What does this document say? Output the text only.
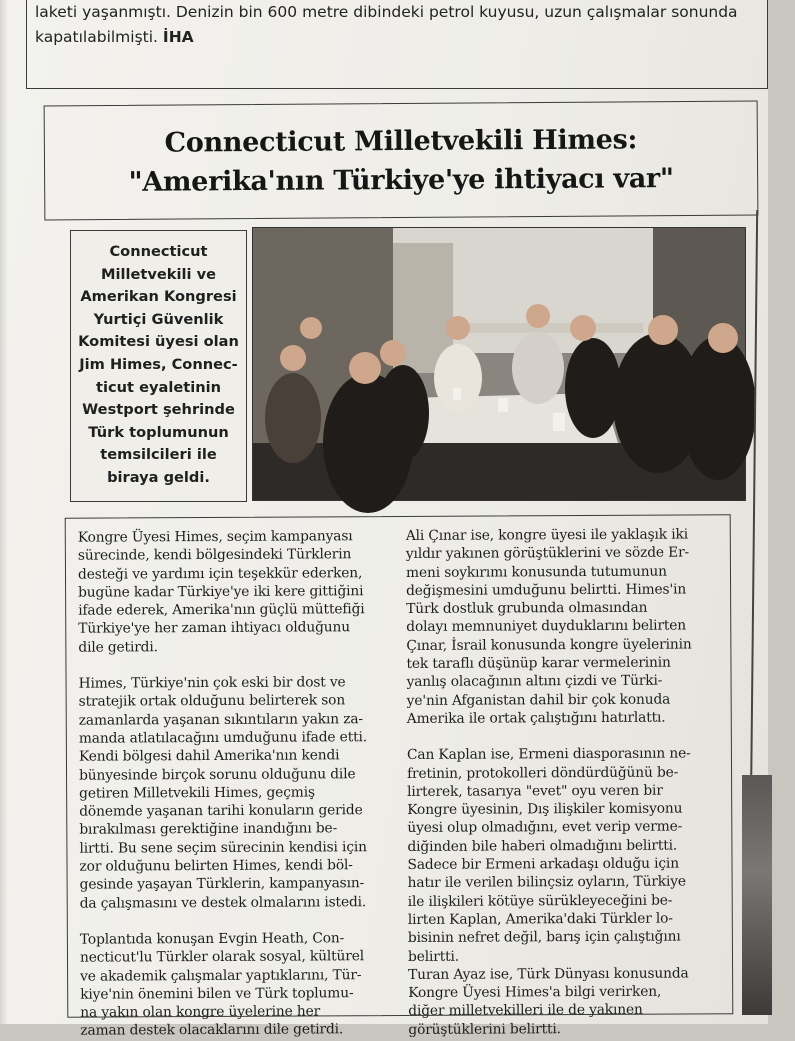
laketi yaşanmıştı. Denizin bin 600 metre dibindeki petrol kuyusu, uzun çalışmalar sonunda
kapatılabilmişti. İHA
Connecticut Milletvekili Himes:
"Amerika'nın Türkiye'ye ihtiyacı var"

Connecticut
Milletvekili ve
Amerikan Kongresi
Yurtiçi Güvenlik
Komitesi üyesi olan
Jim Himes, Connec-
ticut eyaletinin
Westport şehrinde
Türk toplumunun
temsilcileri ile
biraya geldi.

Kongre Üyesi Himes, seçim kampanyası
sürecinde, kendi bölgesindeki Türklerin
desteği ve yardımı için teşekkür ederken,
bugüne kadar Türkiye'ye iki kere gittiğini
ifade ederek, Amerika'nın güçlü müttefiği
Türkiye'ye her zaman ihtiyacı olduğunu
dile getirdi.
Himes, Türkiye'nin çok eski bir dost ve
stratejik ortak olduğunu belirterek son
zamanlarda yaşanan sıkıntıların yakın za-
manda atlatılacağını umduğunu ifade etti.
Kendi bölgesi dahil Amerika'nın kendi
bünyesinde birçok sorunu olduğunu dile
getiren Milletvekili Himes, geçmiş
dönemde yaşanan tarihi konuların geride
bırakılması gerektiğine inandığını be-
lirtti. Bu sene seçim sürecinin kendisi için
zor olduğunu belirten Himes, kendi böl-
gesinde yaşayan Türklerin, kampanyasın-
da çalışmasını ve destek olmalarını istedi.
Toplantıda konuşan Evgin Heath, Con-
necticut'lu Türkler olarak sosyal, kültürel
ve akademik çalışmalar yaptıklarını, Tür-
kiye'nin önemini bilen ve Türk toplumu-
na yakın olan kongre üyelerine her
zaman destek olacaklarını dile getirdi.
Ali Çınar ise, kongre üyesi ile yaklaşık iki
yıldır yakınen görüştüklerini ve sözde Er-
meni soykırımı konusunda tutumunun
değişmesini umduğunu belirtti. Himes'in
Türk dostluk grubunda olmasından
dolayı memnuniyet duyduklarını belirten
Çınar, İsrail konusunda kongre üyelerinin
tek taraflı düşünüp karar vermelerinin
yanlış olacağının altını çizdi ve Türki-
ye'nin Afganistan dahil bir çok konuda
Amerika ile ortak çalıştığını hatırlattı.
Can Kaplan ise, Ermeni diasporasının ne-
fretinin, protokolleri döndürdüğünü be-
lirterek, tasarıya "evet" oyu veren bir
Kongre üyesinin, Dış ilişkiler komisyonu
üyesi olup olmadığını, evet verip verme-
diğinden bile haberi olmadığını belirtti.
Sadece bir Ermeni arkadaşı olduğu için
hatır ile verilen bilinçsiz oyların, Türkiye
ile ilişkileri kötüye sürükleyeceğini be-
lirten Kaplan, Amerika'daki Türkler lo-
bisinin nefret değil, barış için çalıştığını
belirtti.
Turan Ayaz ise, Türk Dünyası konusunda
Kongre Üyesi Himes'a bilgi verirken,
diğer milletvekilleri ile de yakınen
görüştüklerini belirtti.
